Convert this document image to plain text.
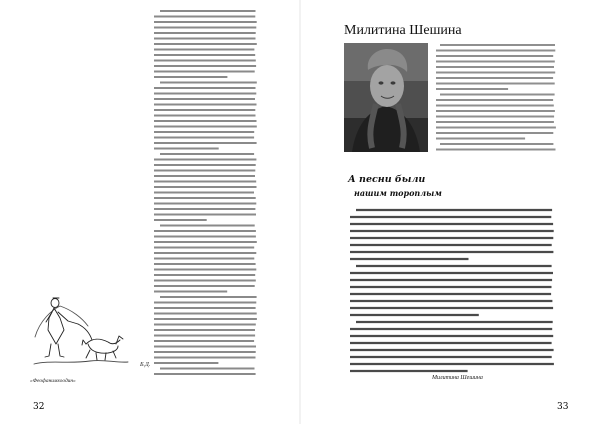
Б.Д.
«Феофанимхоодин»
32
Милитина Шешина
А песни были
нашим тороплым
Милитина Шешина
33
